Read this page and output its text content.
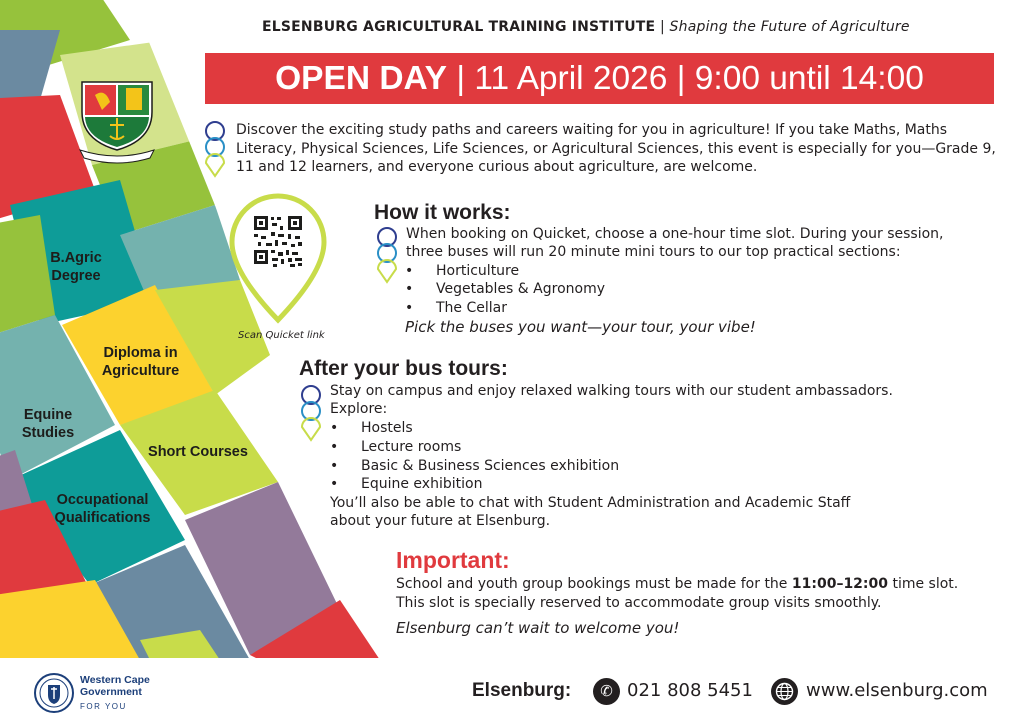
B.Agric
Degree
Diploma in
Agriculture
Equine
Studies
Short Courses
Occupational
Qualifications
ELSENBURG AGRICULTURAL TRAINING INSTITUTE | Shaping the Future of Agriculture
OPEN DAY | 11 April 2026 | 9:00 until 14:00
Discover the exciting study paths and careers waiting for you in agriculture! If you take Maths, Maths Literacy, Physical Sciences, Life Sciences, or Agricultural Sciences, this event is especially for you—Grade 9, 11 and 12 learners, and everyone curious about agriculture, are welcome.
Scan Quicket link
How it works:
When booking on Quicket, choose a one-hour time slot. During your session,
three buses will run 20 minute mini tours to our top practical sections:
• Horticulture
• Vegetables & Agronomy
• The Cellar
Pick the buses you want—your tour, your vibe!
After your bus tours:
Stay on campus and enjoy relaxed walking tours with our student ambassadors.
Explore:
• Hostels
• Lecture rooms
• Basic & Business Sciences exhibition
• Equine exhibition
You’ll also be able to chat with Student Administration and Academic Staff
about your future at Elsenburg.
Important:
School and youth group bookings must be made for the 11:00–12:00 time slot.
This slot is specially reserved to accommodate group visits smoothly.
Elsenburg can’t wait to welcome you!
Western Cape
Government
FOR YOU
Elsenburg:	✆ 021 808 5451	www.elsenburg.com
